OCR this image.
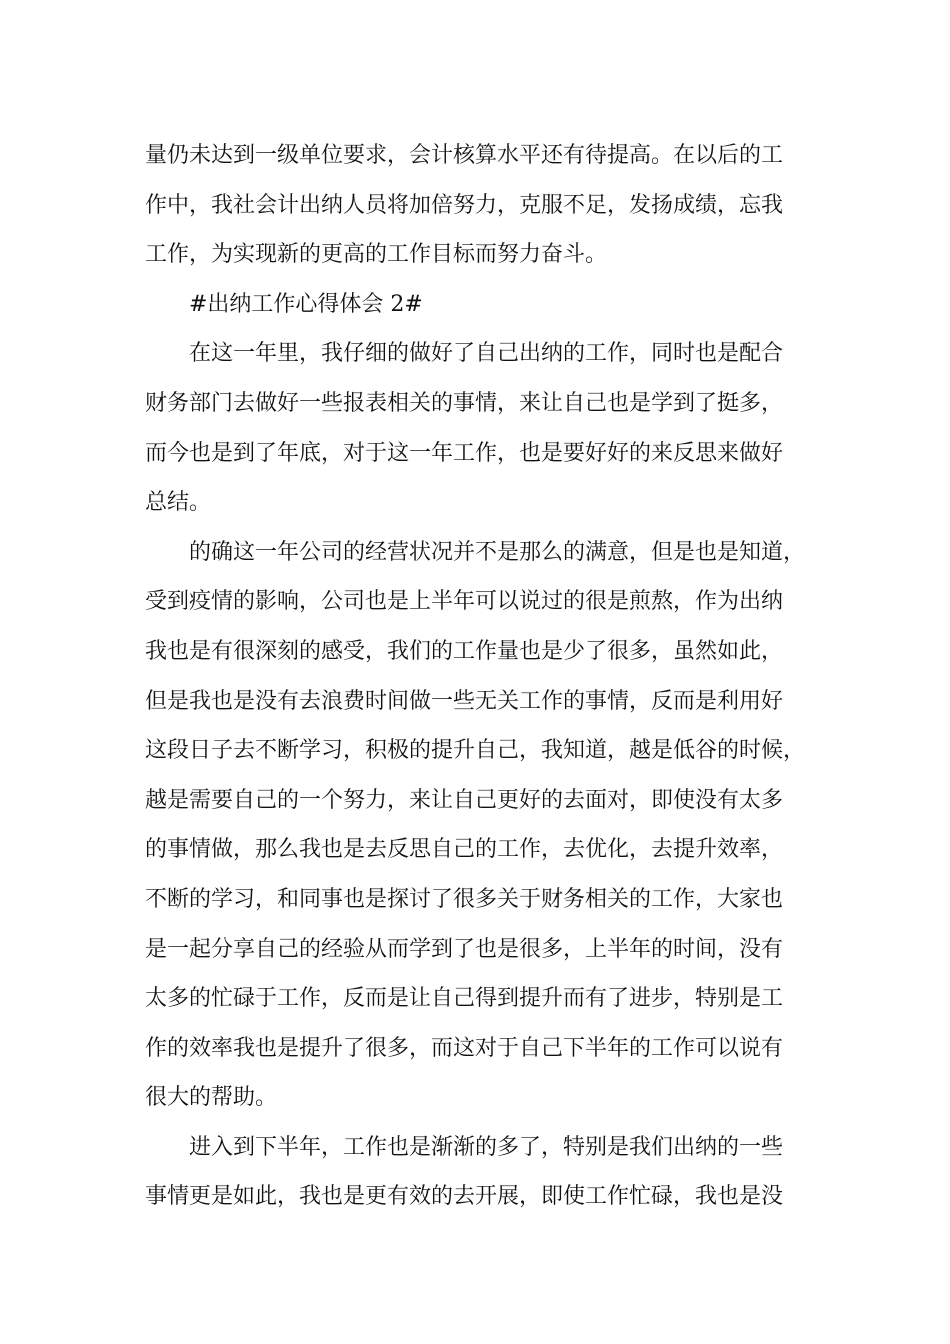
量仍未达到一级单位要求，会计核算水平还有待提高。在以后的工
作中，我社会计出纳人员将加倍努力，克服不足，发扬成绩，忘我
工作，为实现新的更高的工作目标而努力奋斗。

#出纳工作心得体会 2#

在这一年里，我仔细的做好了自己出纳的工作，同时也是配合
财务部门去做好一些报表相关的事情，来让自己也是学到了挺多，
而今也是到了年底，对于这一年工作，也是要好好的来反思来做好
总结。

的确这一年公司的经营状况并不是那么的满意，但是也是知道，
受到疫情的影响，公司也是上半年可以说过的很是煎熬，作为出纳
我也是有很深刻的感受，我们的工作量也是少了很多，虽然如此，
但是我也是没有去浪费时间做一些无关工作的事情，反而是利用好
这段日子去不断学习，积极的提升自己，我知道，越是低谷的时候，
越是需要自己的一个努力，来让自己更好的去面对，即使没有太多
的事情做，那么我也是去反思自己的工作，去优化，去提升效率，
不断的学习，和同事也是探讨了很多关于财务相关的工作，大家也
是一起分享自己的经验从而学到了也是很多，上半年的时间，没有
太多的忙碌于工作，反而是让自己得到提升而有了进步，特别是工
作的效率我也是提升了很多，而这对于自己下半年的工作可以说有
很大的帮助。

进入到下半年，工作也是渐渐的多了，特别是我们出纳的一些
事情更是如此，我也是更有效的去开展，即使工作忙碌，我也是没
